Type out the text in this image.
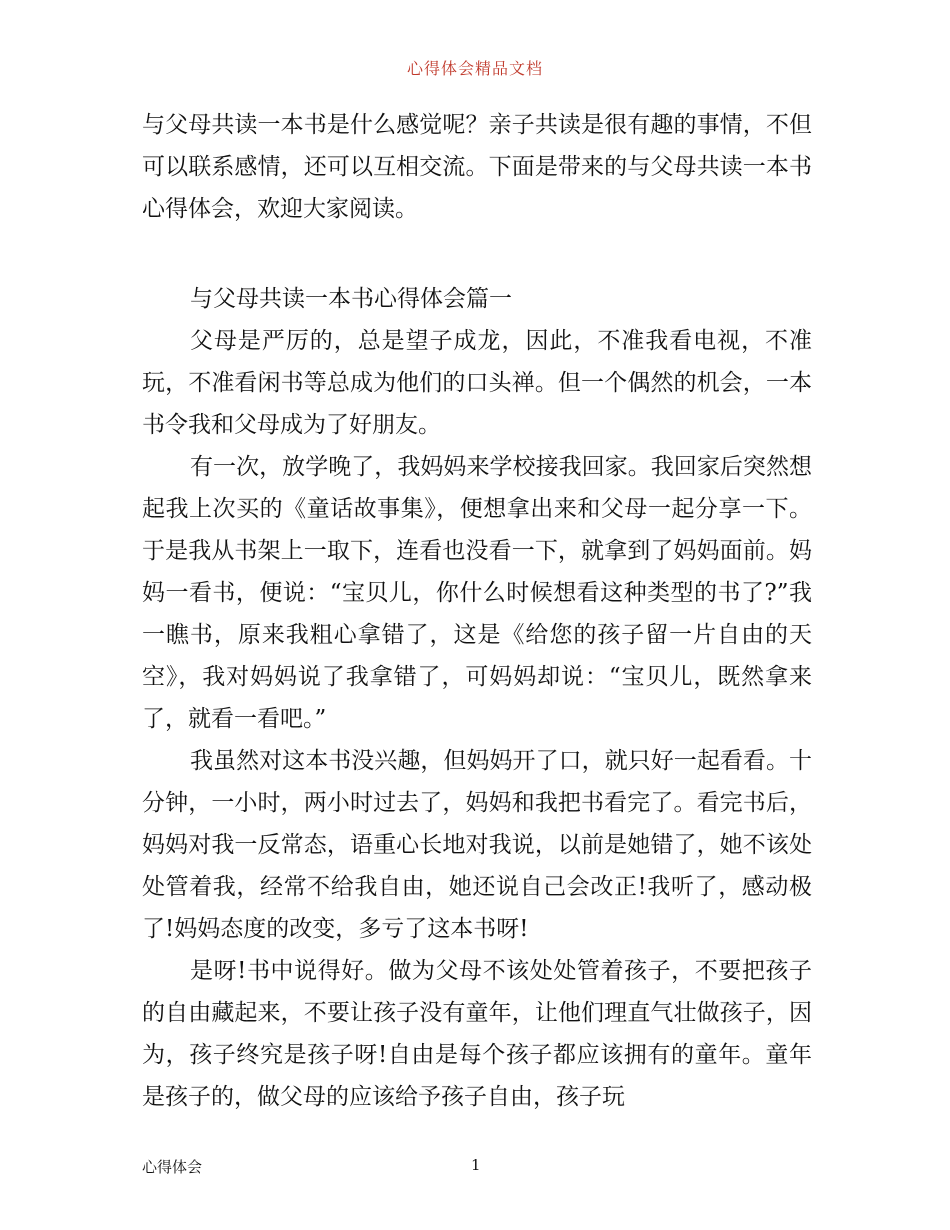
心得体会精品文档

与父母共读一本书是什么感觉呢？亲子共读是很有趣的事情，不但可以联系感情，还可以互相交流。下面是带来的与父母共读一本书心得体会，欢迎大家阅读。

与父母共读一本书心得体会篇一

父母是严厉的，总是望子成龙，因此，不准我看电视，不准玩，不准看闲书等总成为他们的口头禅。但一个偶然的机会，一本书令我和父母成为了好朋友。

有一次，放学晚了，我妈妈来学校接我回家。我回家后突然想起我上次买的《童话故事集》，便想拿出来和父母一起分享一下。于是我从书架上一取下，连看也没看一下，就拿到了妈妈面前。妈妈一看书，便说：“宝贝儿，你什么时候想看这种类型的书了?”我一瞧书，原来我粗心拿错了，这是《给您的孩子留一片自由的天空》，我对妈妈说了我拿错了，可妈妈却说：“宝贝儿，既然拿来了，就看一看吧。”

我虽然对这本书没兴趣，但妈妈开了口，就只好一起看看。十分钟，一小时，两小时过去了，妈妈和我把书看完了。看完书后，妈妈对我一反常态，语重心长地对我说，以前是她错了，她不该处处管着我，经常不给我自由，她还说自己会改正!我听了，感动极了!妈妈态度的改变，多亏了这本书呀!

是呀!书中说得好。做为父母不该处处管着孩子，不要把孩子的自由藏起来，不要让孩子没有童年，让他们理直气壮做孩子，因为，孩子终究是孩子呀!自由是每个孩子都应该拥有的童年。童年是孩子的，做父母的应该给予孩子自由，孩子玩

心得体会	1
